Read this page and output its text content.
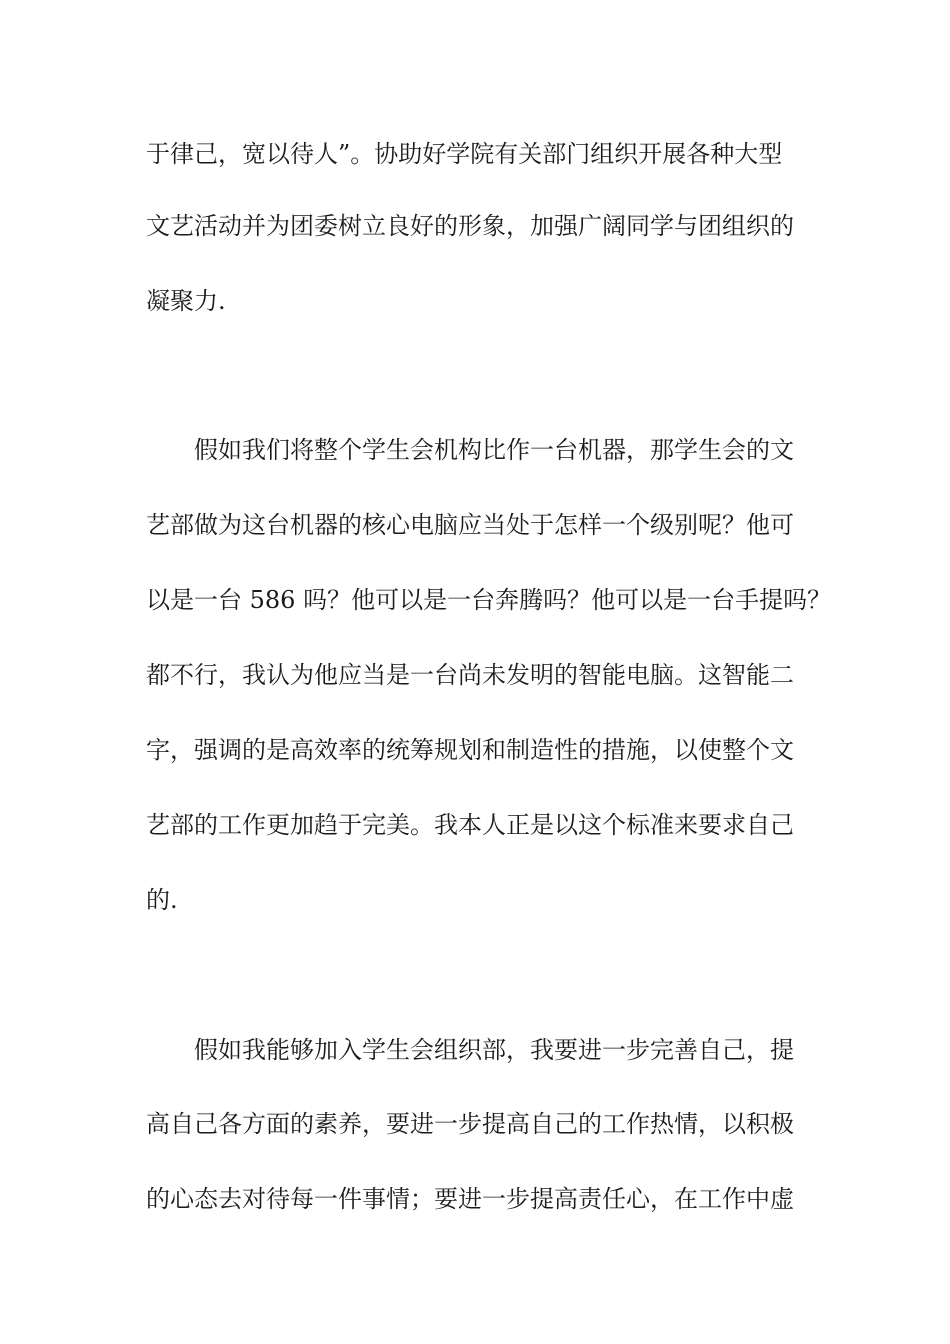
于律己，宽以待人”。协助好学院有关部门组织开展各种大型
文艺活动并为团委树立良好的形象，加强广阔同学与团组织的
凝聚力.
假如我们将整个学生会机构比作一台机器，那学生会的文
艺部做为这台机器的核心电脑应当处于怎样一个级别呢？他可
以是一台 586 吗？他可以是一台奔腾吗？他可以是一台手提吗？
都不行，我认为他应当是一台尚未发明的智能电脑。这智能二
字，强调的是高效率的统筹规划和制造性的措施，以使整个文
艺部的工作更加趋于完美。我本人正是以这个标准来要求自己
的.
假如我能够加入学生会组织部，我要进一步完善自己，提
高自己各方面的素养，要进一步提高自己的工作热情，以积极
的心态去对待每一件事情；要进一步提高责任心，在工作中虚
